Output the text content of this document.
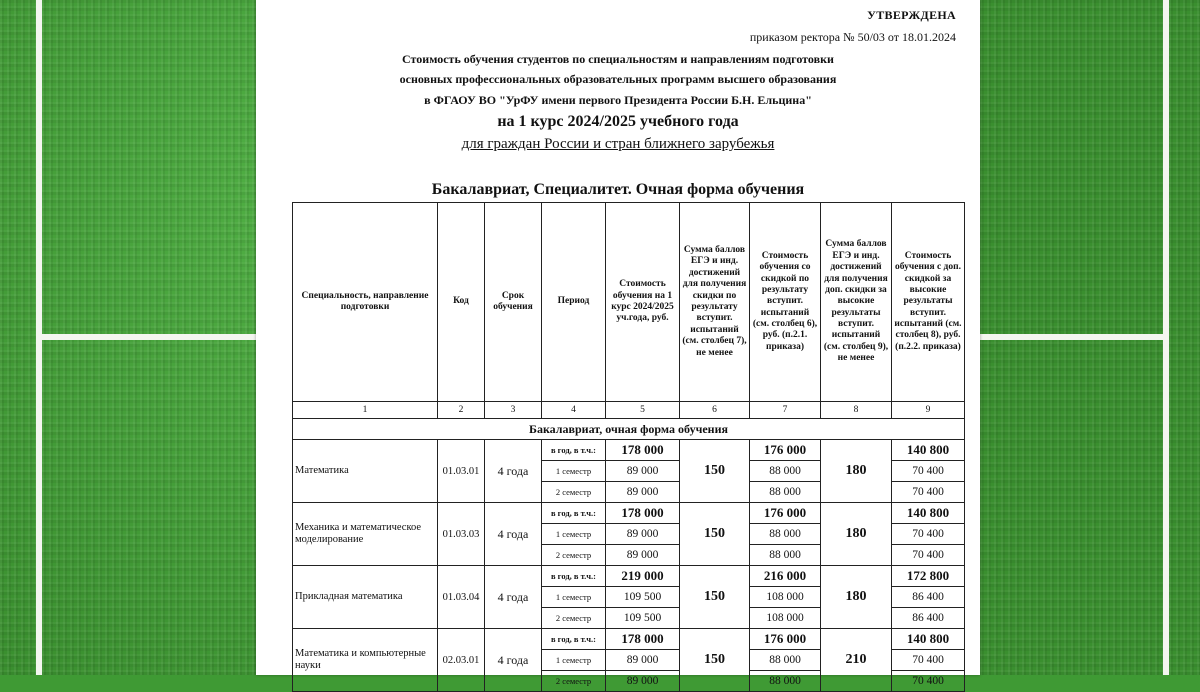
УТВЕРЖДЕНА
приказом ректора № 50/03 от 18.01.2024
Стоимость обучения студентов по специальностям и направлениям подготовки
основных профессиональных образовательных программ высшего образования
в ФГАОУ ВО "УрФУ имени первого Президента России Б.Н. Ельцина"
на 1 курс 2024/2025 учебного года
для граждан России и стран ближнего зарубежья
Бакалавриат, Специалитет. Очная форма обучения
Специальность, направление подготовки	Код	Срок обучения	Период	Стоимость обучения на 1 курс 2024/2025 уч.года, руб.	Сумма баллов ЕГЭ и инд. достижений для получения скидки по результату вступит. испытаний (см. столбец 7), не менее	Стоимость обучения со скидкой по результату вступит. испытаний (см. столбец 6), руб. (п.2.1. приказа)	Сумма баллов ЕГЭ и инд. достижений для получения доп. скидки за высокие результаты вступит. испытаний (см. столбец 9), не менее	Стоимость обучения с доп. скидкой за высокие результаты вступит. испытаний (см. столбец 8), руб. (п.2.2. приказа)
1	2	3	4	5	6	7	8	9
Бакалавриат, очная форма обучения								
Математика	01.03.01	4 года	в год, в т.ч.:	178 000	150	176 000	180	140 800
			1 семестр	89 000		88 000		70 400
			2 семестр	89 000		88 000		70 400
Механика и математическое моделирование	01.03.03	4 года	в год, в т.ч.:	178 000	150	176 000	180	140 800
			1 семестр	89 000		88 000		70 400
			2 семестр	89 000		88 000		70 400
Прикладная математика	01.03.04	4 года	в год, в т.ч.:	219 000	150	216 000	180	172 800
			1 семестр	109 500		108 000		86 400
			2 семестр	109 500		108 000		86 400
Математика и компьютерные науки	02.03.01	4 года	в год, в т.ч.:	178 000	150	176 000	210	140 800
			1 семестр	89 000		88 000		70 400
			2 семестр	89 000		88 000		70 400
